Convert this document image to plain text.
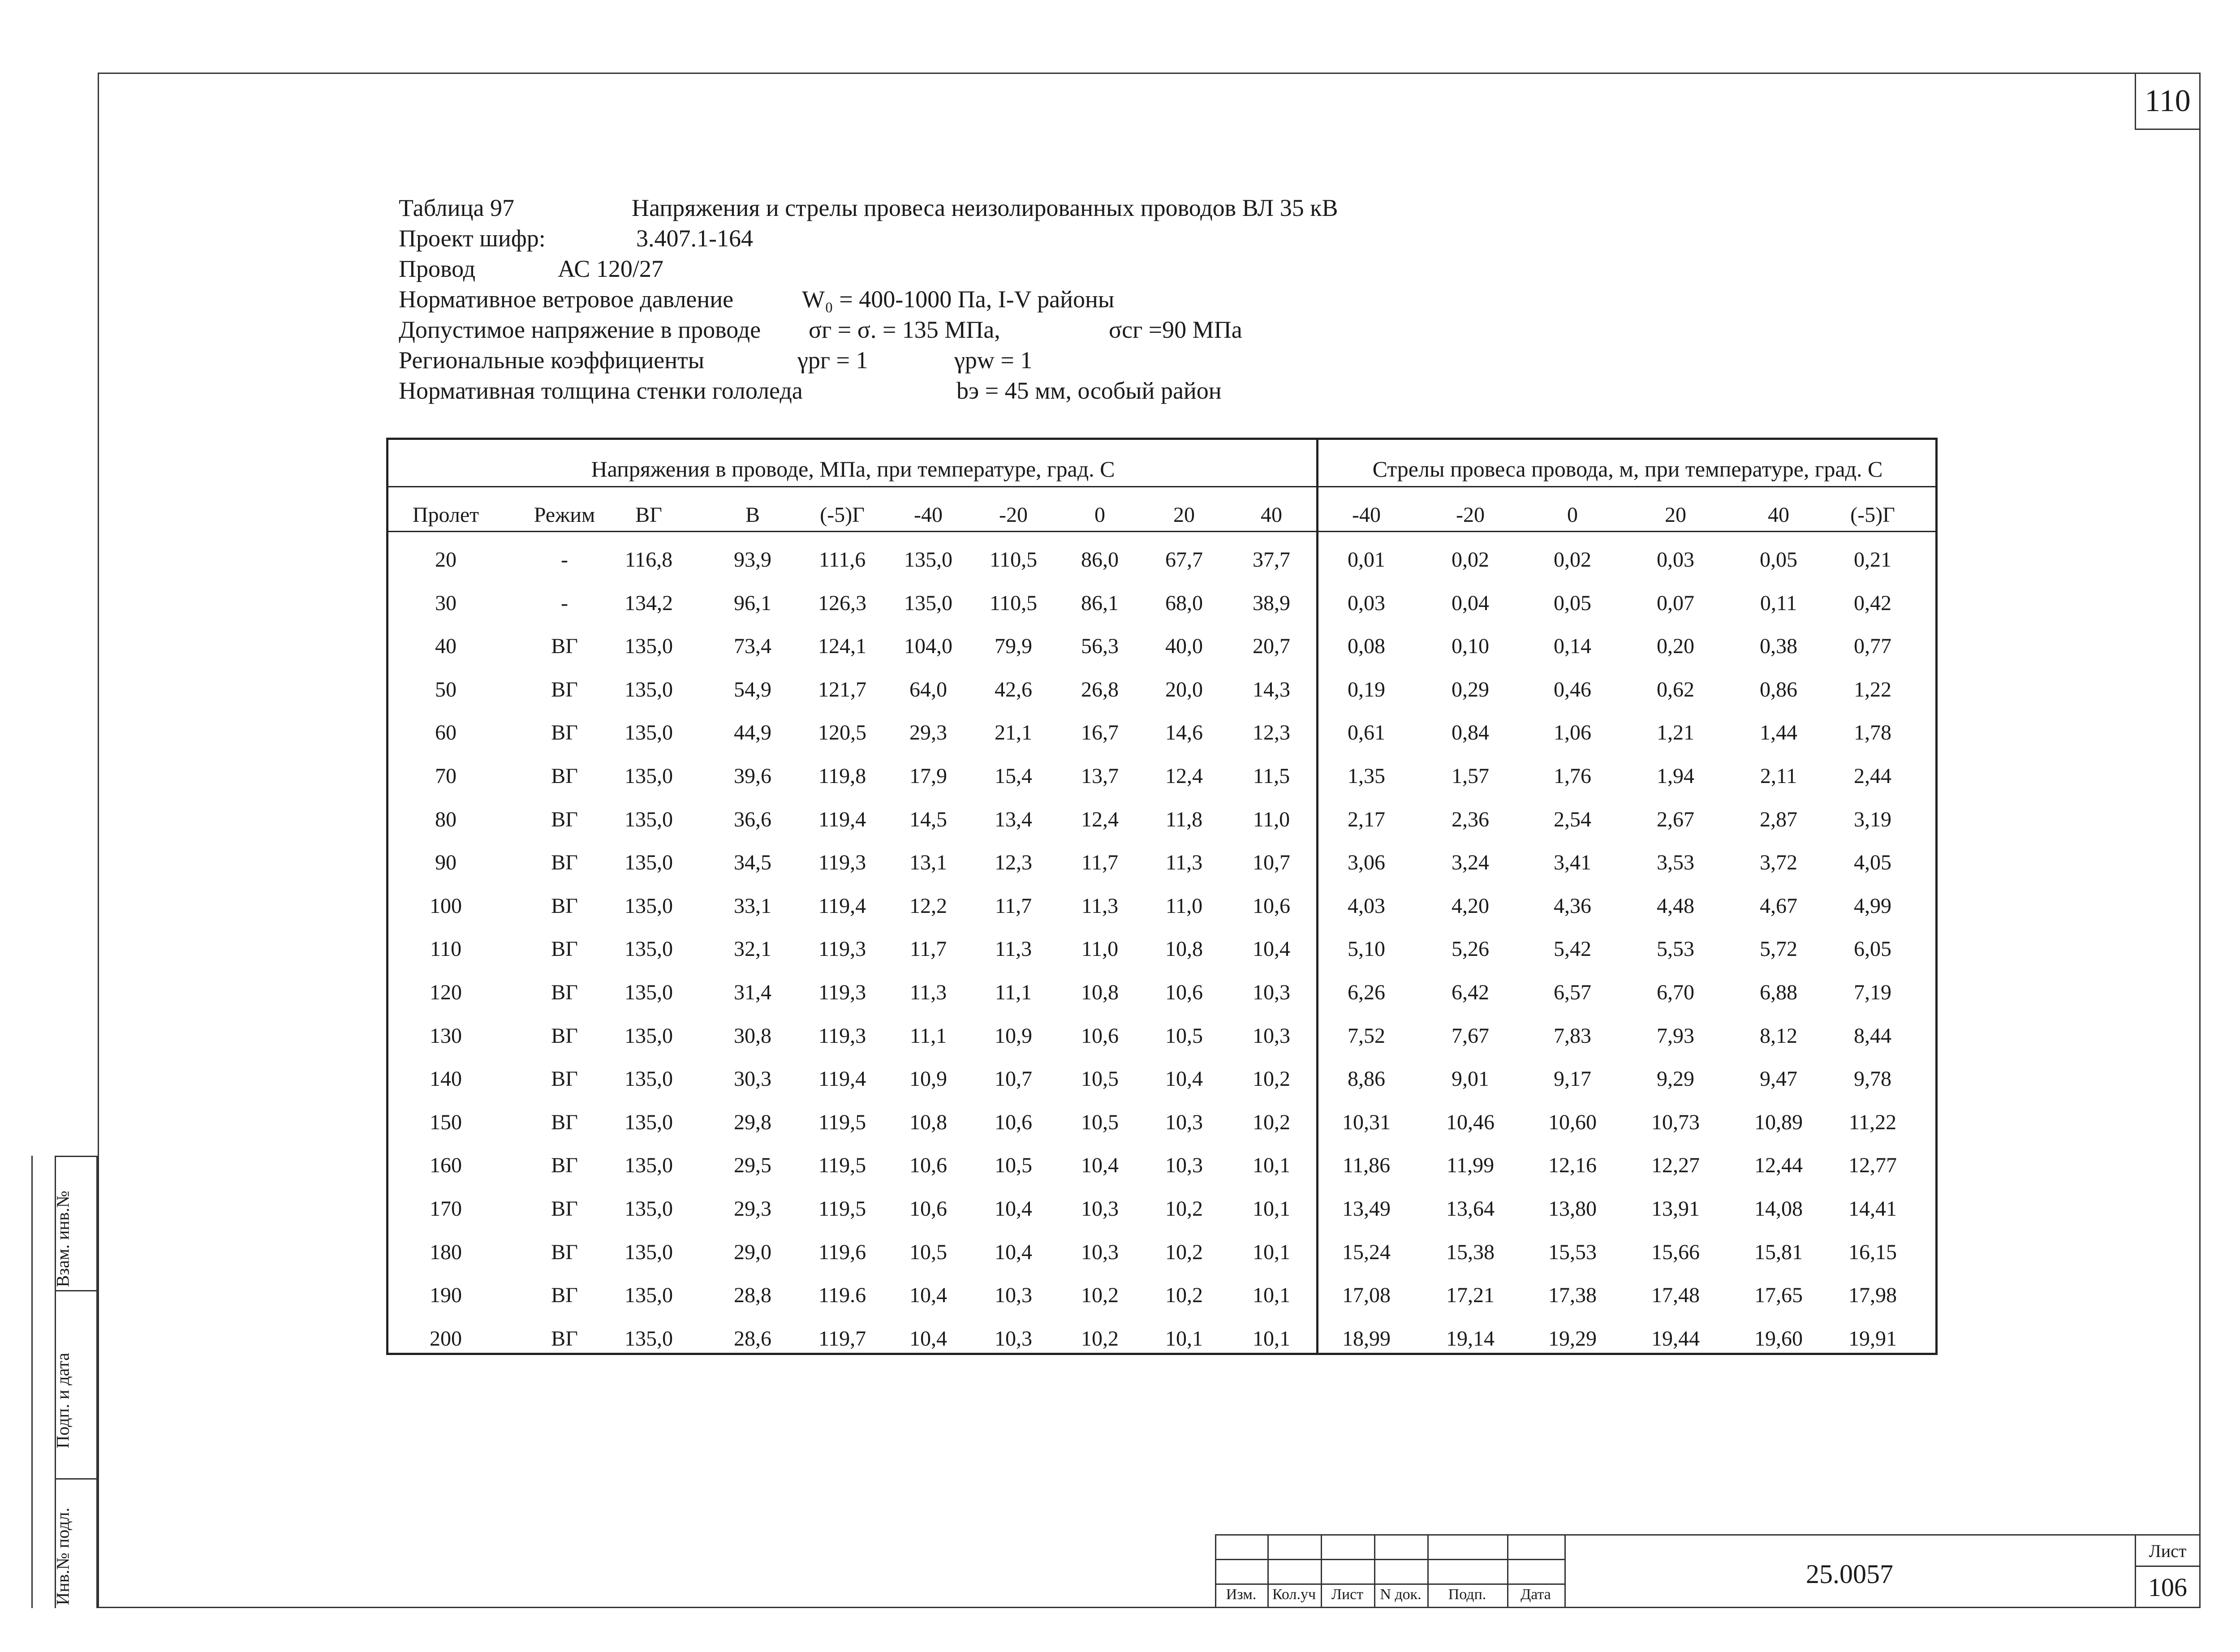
110
Таблица 97	Напряжения и стрелы провеса неизолированных проводов ВЛ 35 кВ
Проект шифр:	3.407.1-164
Провод	АС 120/27
Нормативное ветровое давление	W₀ = 400-1000 Па, I-V районы
Допустимое напряжение в проводе σг = σ. = 135 МПа,	σсг =90 МПа
Региональные коэффициенты	γpг = 1	γpw = 1
Нормативная толщина стенки гололеда	bэ = 45 мм, особый район
Напряжения в проводе, МПа, при температуре, град. С	Стрелы провеса провода, м, при температуре, град. С
Пролет	Режим	ВГ	В	(-5)Г	-40	-20	0	20	40	-40	-20	0	20	40	(-5)Г
20	-	116,8	93,9	111,6	135,0	110,5	86,0	67,7	37,7	0,01	0,02	0,02	0,03	0,05	0,21
30	-	134,2	96,1	126,3	135,0	110,5	86,1	68,0	38,9	0,03	0,04	0,05	0,07	0,11	0,42
40	ВГ	135,0	73,4	124,1	104,0	79,9	56,3	40,0	20,7	0,08	0,10	0,14	0,20	0,38	0,77
50	ВГ	135,0	54,9	121,7	64,0	42,6	26,8	20,0	14,3	0,19	0,29	0,46	0,62	0,86	1,22
60	ВГ	135,0	44,9	120,5	29,3	21,1	16,7	14,6	12,3	0,61	0,84	1,06	1,21	1,44	1,78
70	ВГ	135,0	39,6	119,8	17,9	15,4	13,7	12,4	11,5	1,35	1,57	1,76	1,94	2,11	2,44
80	ВГ	135,0	36,6	119,4	14,5	13,4	12,4	11,8	11,0	2,17	2,36	2,54	2,67	2,87	3,19
90	ВГ	135,0	34,5	119,3	13,1	12,3	11,7	11,3	10,7	3,06	3,24	3,41	3,53	3,72	4,05
100	ВГ	135,0	33,1	119,4	12,2	11,7	11,3	11,0	10,6	4,03	4,20	4,36	4,48	4,67	4,99
110	ВГ	135,0	32,1	119,3	11,7	11,3	11,0	10,8	10,4	5,10	5,26	5,42	5,53	5,72	6,05
120	ВГ	135,0	31,4	119,3	11,3	11,1	10,8	10,6	10,3	6,26	6,42	6,57	6,70	6,88	7,19
130	ВГ	135,0	30,8	119,3	11,1	10,9	10,6	10,5	10,3	7,52	7,67	7,83	7,93	8,12	8,44
140	ВГ	135,0	30,3	119,4	10,9	10,7	10,5	10,4	10,2	8,86	9,01	9,17	9,29	9,47	9,78
150	ВГ	135,0	29,8	119,5	10,8	10,6	10,5	10,3	10,2	10,31	10,46	10,60	10,73	10,89	11,22
160	ВГ	135,0	29,5	119,5	10,6	10,5	10,4	10,3	10,1	11,86	11,99	12,16	12,27	12,44	12,77
170	ВГ	135,0	29,3	119,5	10,6	10,4	10,3	10,2	10,1	13,49	13,64	13,80	13,91	14,08	14,41
180	ВГ	135,0	29,0	119,6	10,5	10,4	10,3	10,2	10,1	15,24	15,38	15,53	15,66	15,81	16,15
190	ВГ	135,0	28,8	119.6	10,4	10,3	10,2	10,2	10,1	17,08	17,21	17,38	17,48	17,65	17,98
200	ВГ	135,0	28,6	119,7	10,4	10,3	10,2	10,1	10,1	18,99	19,14	19,29	19,44	19,60	19,91
Инв.№ подл.
Подп. и дата
Взам. инв.№
Изм.	Кол.уч	Лист	N док.	Подп.	Дата
25.0057
Лист
106
